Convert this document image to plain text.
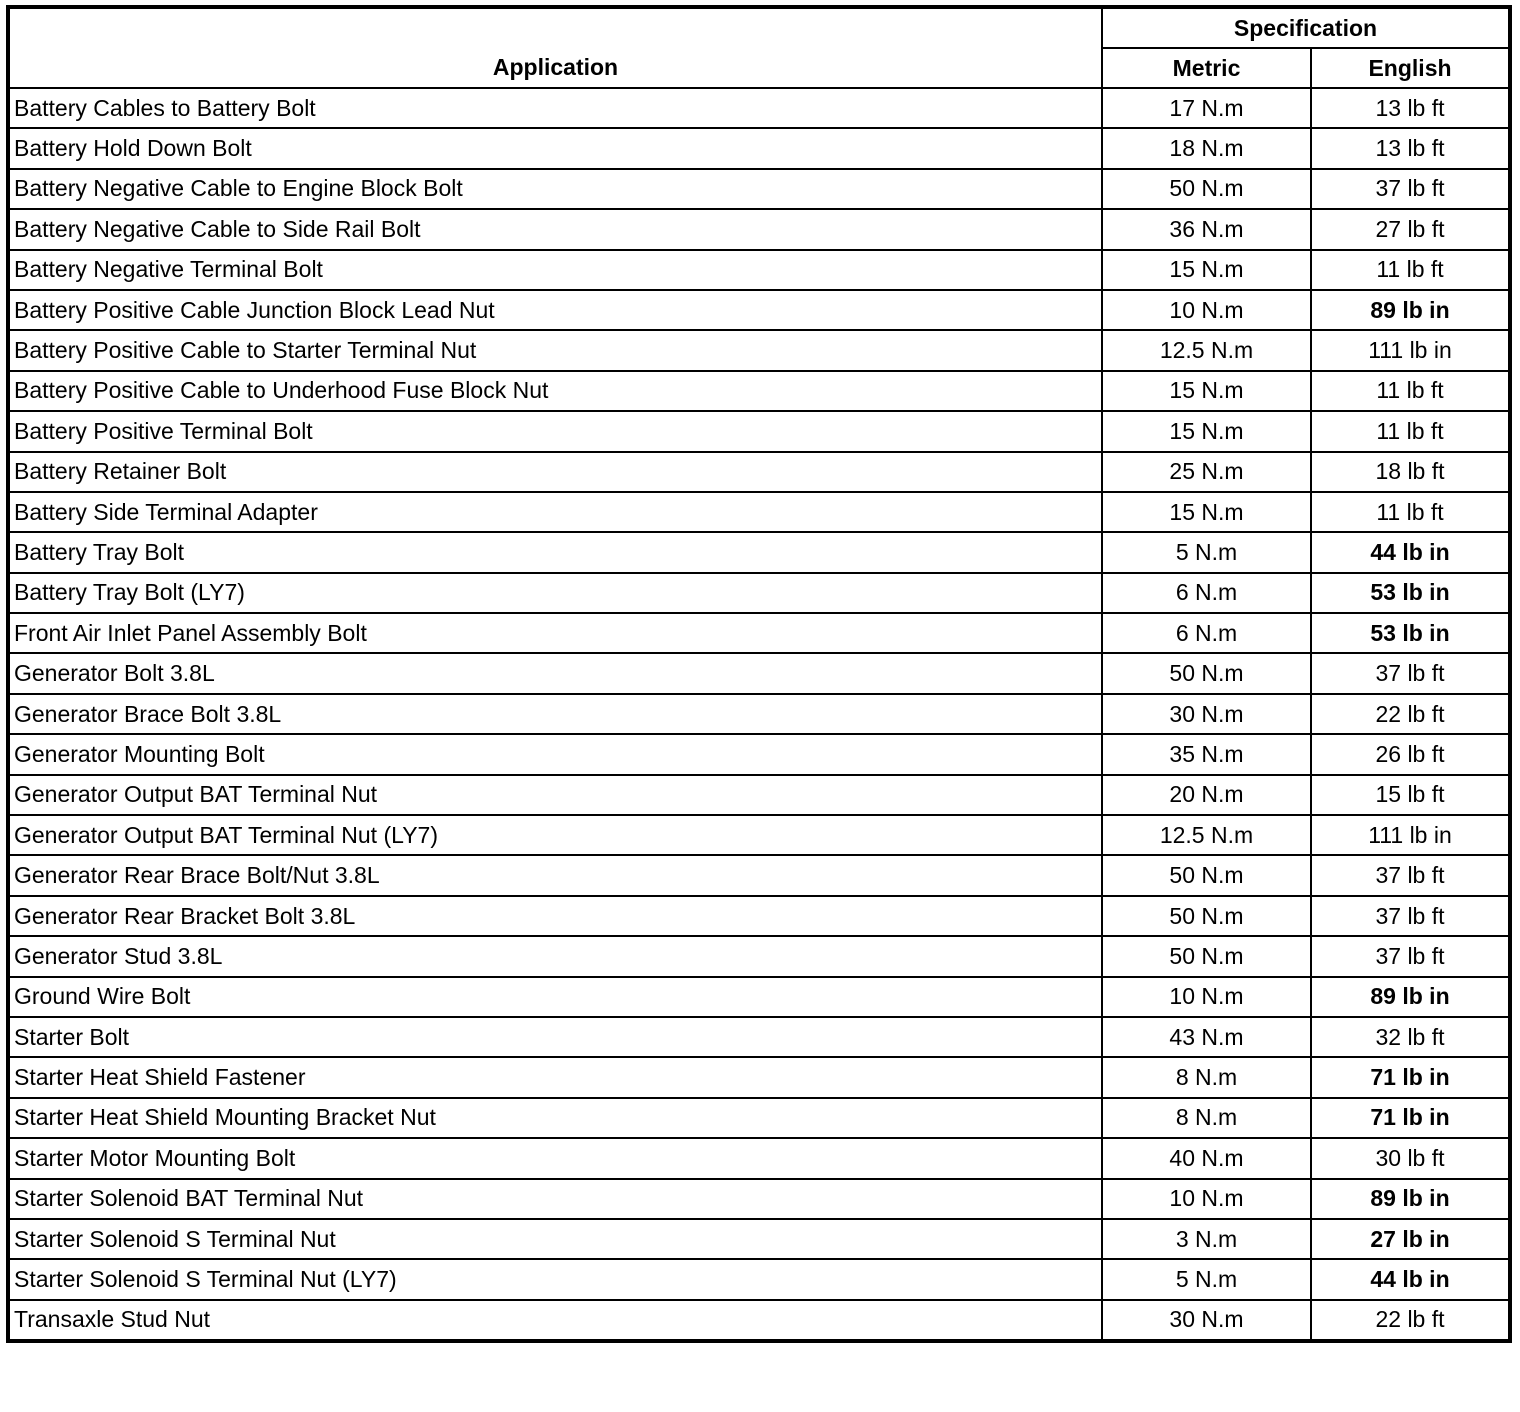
Application	Specification	
	Metric	English
Battery Cables to Battery Bolt	17 N.m	13 lb ft
Battery Hold Down Bolt	18 N.m	13 lb ft
Battery Negative Cable to Engine Block Bolt	50 N.m	37 lb ft
Battery Negative Cable to Side Rail Bolt	36 N.m	27 lb ft
Battery Negative Terminal Bolt	15 N.m	11 lb ft
Battery Positive Cable Junction Block Lead Nut	10 N.m	89 lb in
Battery Positive Cable to Starter Terminal Nut	12.5 N.m	111 lb in
Battery Positive Cable to Underhood Fuse Block Nut	15 N.m	11 lb ft
Battery Positive Terminal Bolt	15 N.m	11 lb ft
Battery Retainer Bolt	25 N.m	18 lb ft
Battery Side Terminal Adapter	15 N.m	11 lb ft
Battery Tray Bolt	5 N.m	44 lb in
Battery Tray Bolt (LY7)	6 N.m	53 lb in
Front Air Inlet Panel Assembly Bolt	6 N.m	53 lb in
Generator Bolt 3.8L	50 N.m	37 lb ft
Generator Brace Bolt 3.8L	30 N.m	22 lb ft
Generator Mounting Bolt	35 N.m	26 lb ft
Generator Output BAT Terminal Nut	20 N.m	15 lb ft
Generator Output BAT Terminal Nut (LY7)	12.5 N.m	111 lb in
Generator Rear Brace Bolt/Nut 3.8L	50 N.m	37 lb ft
Generator Rear Bracket Bolt 3.8L	50 N.m	37 lb ft
Generator Stud 3.8L	50 N.m	37 lb ft
Ground Wire Bolt	10 N.m	89 lb in
Starter Bolt	43 N.m	32 lb ft
Starter Heat Shield Fastener	8 N.m	71 lb in
Starter Heat Shield Mounting Bracket Nut	8 N.m	71 lb in
Starter Motor Mounting Bolt	40 N.m	30 lb ft
Starter Solenoid BAT Terminal Nut	10 N.m	89 lb in
Starter Solenoid S Terminal Nut	3 N.m	27 lb in
Starter Solenoid S Terminal Nut (LY7)	5 N.m	44 lb in
Transaxle Stud Nut	30 N.m	22 lb ft
